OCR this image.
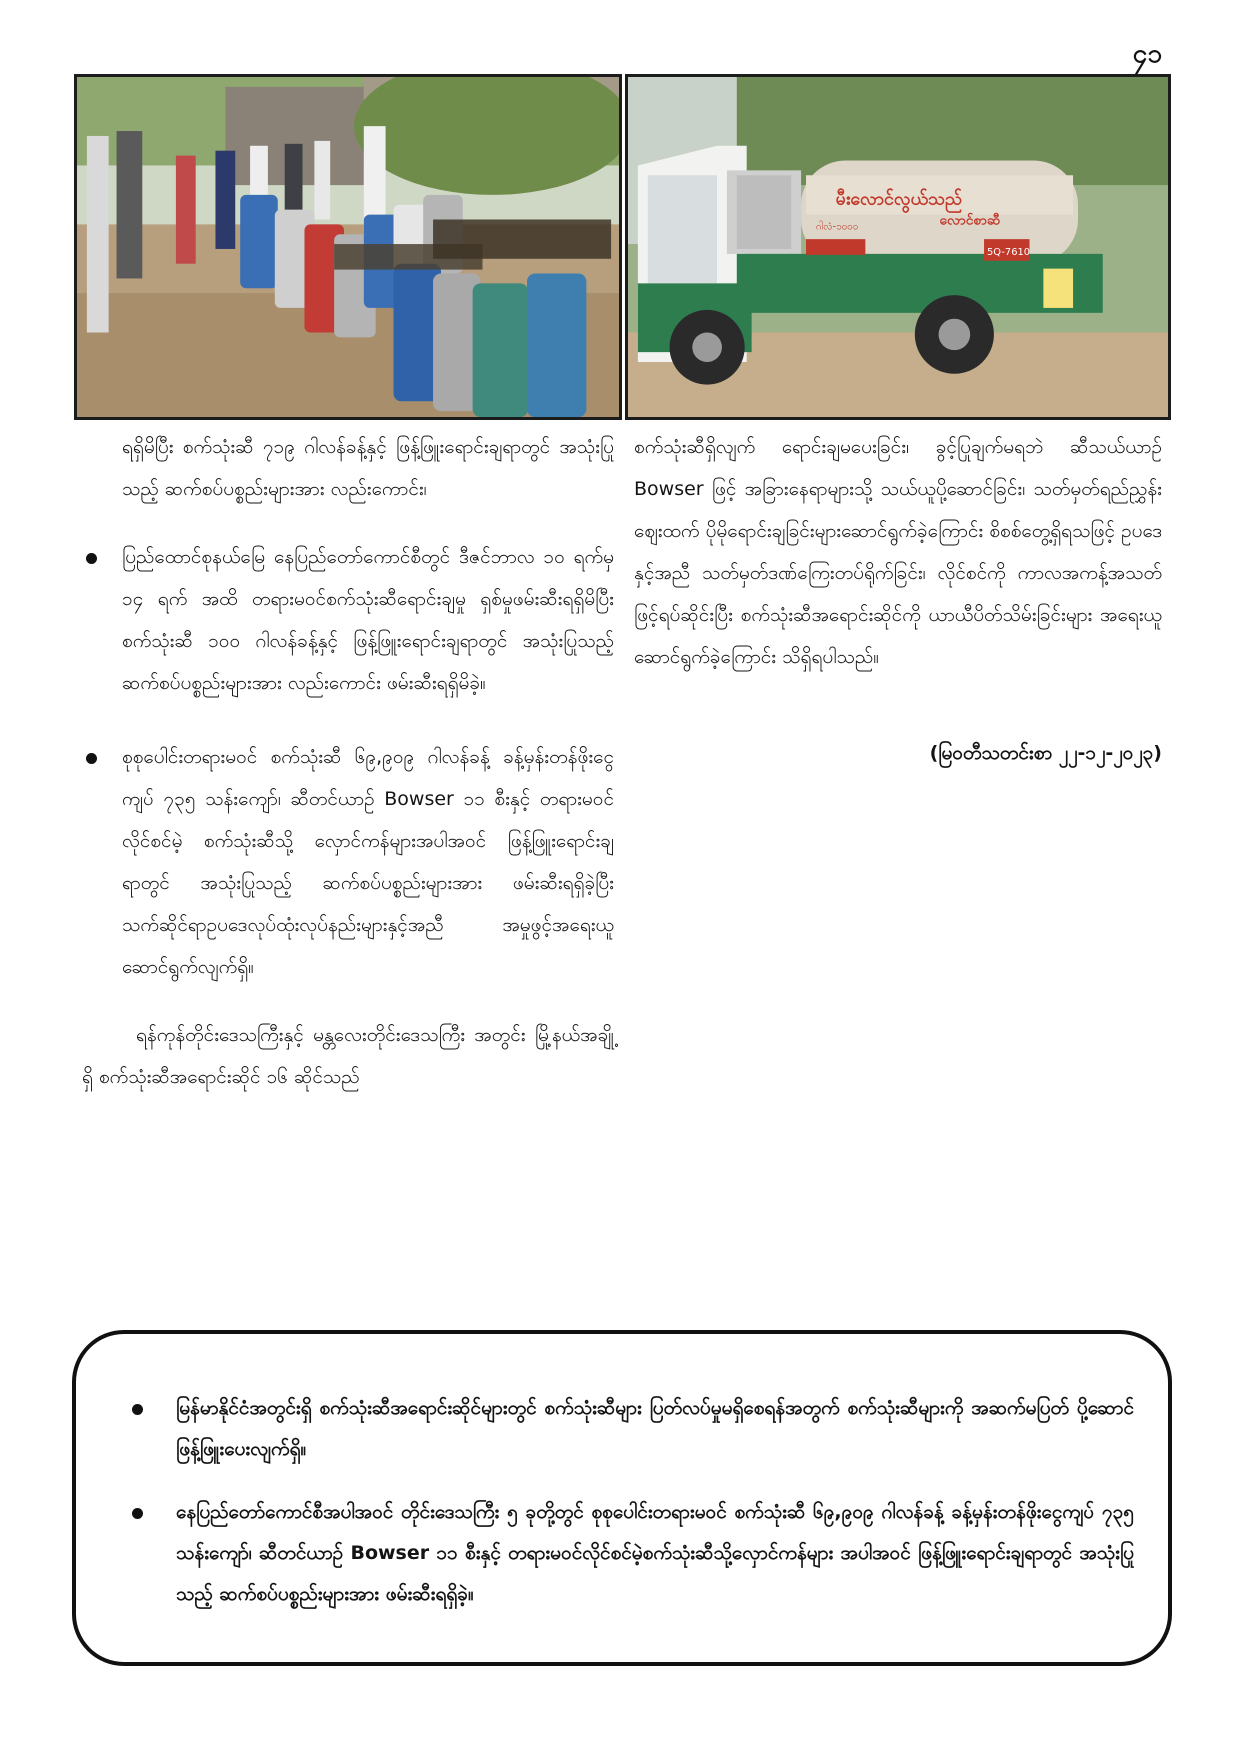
၄၁
မီးလောင်လွယ်သည်
လောင်စာဆီ
ဂါလံ-၁၀၀၀
5Q-7610

ရရှိမိပြီး စက်သုံးဆီ ၇၁၉ ဂါလန်ခန့်နှင့် ဖြန့်ဖြူးရောင်းချရာတွင် အသုံးပြုသည့် ဆက်စပ်ပစ္စည်းများအား လည်းကောင်း၊

ပြည်ထောင်စုနယ်မြေ နေပြည်တော်ကောင်စီတွင် ဒီဇင်ဘာလ ၁၀ ရက်မှ ၁၄ ရက် အထိ တရားမဝင်စက်သုံးဆီရောင်းချမှု ရှစ်မှုဖမ်းဆီးရရှိမိပြီး စက်သုံးဆီ ၁၀၀ ဂါလန်ခန့်နှင့် ဖြန့်ဖြူးရောင်းချရာတွင် အသုံးပြုသည့် ဆက်စပ်ပစ္စည်းများအား လည်းကောင်း ဖမ်းဆီးရရှိမိခဲ့။

စုစုပေါင်းတရားမဝင် စက်သုံးဆီ ၆၉,၉၀၉ ဂါလန်ခန့် ခန့်မှန်းတန်ဖိုးငွေကျပ် ၇၃၅ သန်းကျော်၊ ဆီတင်ယာဉ် Bowser ၁၁ စီးနှင့် တရားမဝင်လိုင်စင်မဲ့ စက်သုံးဆီသို့ လှောင်ကန်များအပါအဝင် ဖြန့်ဖြူးရောင်းချရာတွင် အသုံးပြုသည့် ဆက်စပ်ပစ္စည်းများအား ဖမ်းဆီးရရှိခဲ့ပြီး သက်ဆိုင်ရာဥပဒေလုပ်ထုံးလုပ်နည်းများနှင့်အညီ အမှုဖွင့်အရေးယူဆောင်ရွက်လျက်ရှိ။

ရန်ကုန်တိုင်းဒေသကြီးနှင့် မန္တလေးတိုင်းဒေသကြီး အတွင်း မြို့နယ်အချို့ရှိ စက်သုံးဆီအရောင်းဆိုင် ၁၆ ဆိုင်သည်

စက်သုံးဆီရှိလျက် ရောင်းချမပေးခြင်း၊ ခွင့်ပြုချက်မရဘဲ ဆီသယ်ယာဉ် Bowser ဖြင့် အခြားနေရာများသို့ သယ်ယူပို့ဆောင်ခြင်း၊ သတ်မှတ်ရည်ညွှန်းဈေးထက် ပိုမိုရောင်းချခြင်းများဆောင်ရွက်ခဲ့ကြောင်း စိစစ်တွေ့ရှိရသဖြင့် ဥပဒေနှင့်အညီ သတ်မှတ်ဒဏ်ကြေးတပ်ရိုက်ခြင်း၊ လိုင်စင်ကို ကာလအကန့်အသတ်ဖြင့်ရပ်ဆိုင်းပြီး စက်သုံးဆီအရောင်းဆိုင်ကို ယာယီပိတ်သိမ်းခြင်းများ အရေးယူဆောင်ရွက်ခဲ့ကြောင်း သိရှိရပါသည်။

(မြဝတီသတင်းစာ ၂၂-၁၂-၂၀၂၃)

မြန်မာနိုင်ငံအတွင်းရှိ စက်သုံးဆီအရောင်းဆိုင်များတွင် စက်သုံးဆီများ ပြတ်လပ်မှုမရှိစေရန်အတွက် စက်သုံးဆီများကို အဆက်မပြတ် ပို့ဆောင်ဖြန့်ဖြူးပေးလျက်ရှိ။

နေပြည်တော်ကောင်စီအပါအဝင် တိုင်းဒေသကြီး ၅ ခုတို့တွင် စုစုပေါင်းတရားမဝင် စက်သုံးဆီ ၆၉,၉၀၉ ဂါလန်ခန့် ခန့်မှန်းတန်ဖိုးငွေကျပ် ၇၃၅ သန်းကျော်၊ ဆီတင်ယာဉ် Bowser ၁၁ စီးနှင့် တရားမဝင်လိုင်စင်မဲ့စက်သုံးဆီသို့လှောင်ကန်များ အပါအဝင် ဖြန့်ဖြူးရောင်းချရာတွင် အသုံးပြုသည့် ဆက်စပ်ပစ္စည်းများအား ဖမ်းဆီးရရှိခဲ့။
